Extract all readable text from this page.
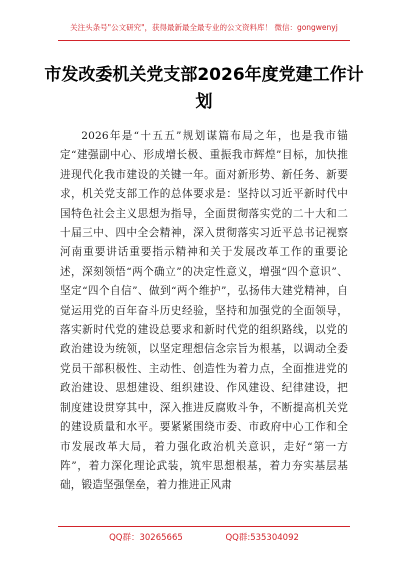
关注头条号"公文研究"，获得最新最全最专业的公文资料库！ 微信：gongwenyj
市发改委机关党支部2026年度党建工作计划

2026年是“十五五”规划谋篇布局之年，也是我市锚定“建强副中心、形成增长极、重振我市辉煌”目标，加快推进现代化我市建设的关键一年。面对新形势、新任务、新要求，机关党支部工作的总体要求是：坚持以习近平新时代中国特色社会主义思想为指导，全面贯彻落实党的二十大和二十届三中、四中全会精神，深入贯彻落实习近平总书记视察河南重要讲话重要指示精神和关于发展改革工作的重要论述，深刻领悟“两个确立”的决定性意义，增强“四个意识”、坚定“四个自信”、做到“两个维护”，弘扬伟大建党精神，自觉运用党的百年奋斗历史经验，坚持和加强党的全面领导，落实新时代党的建设总要求和新时代党的组织路线，以党的政治建设为统领，以坚定理想信念宗旨为根基，以调动全委党员干部积极性、主动性、创造性为着力点，全面推进党的政治建设、思想建设、组织建设、作风建设、纪律建设，把制度建设贯穿其中，深入推进反腐败斗争，不断提高机关党的建设质量和水平。要紧紧围绕市委、市政府中心工作和全市发展改革大局，着力强化政治机关意识，走好“第一方阵”，着力深化理论武装，筑牢思想根基，着力夯实基层基础，锻造坚强堡垒，着力推进正风肃

QQ群：30265665	QQ群:535304092
